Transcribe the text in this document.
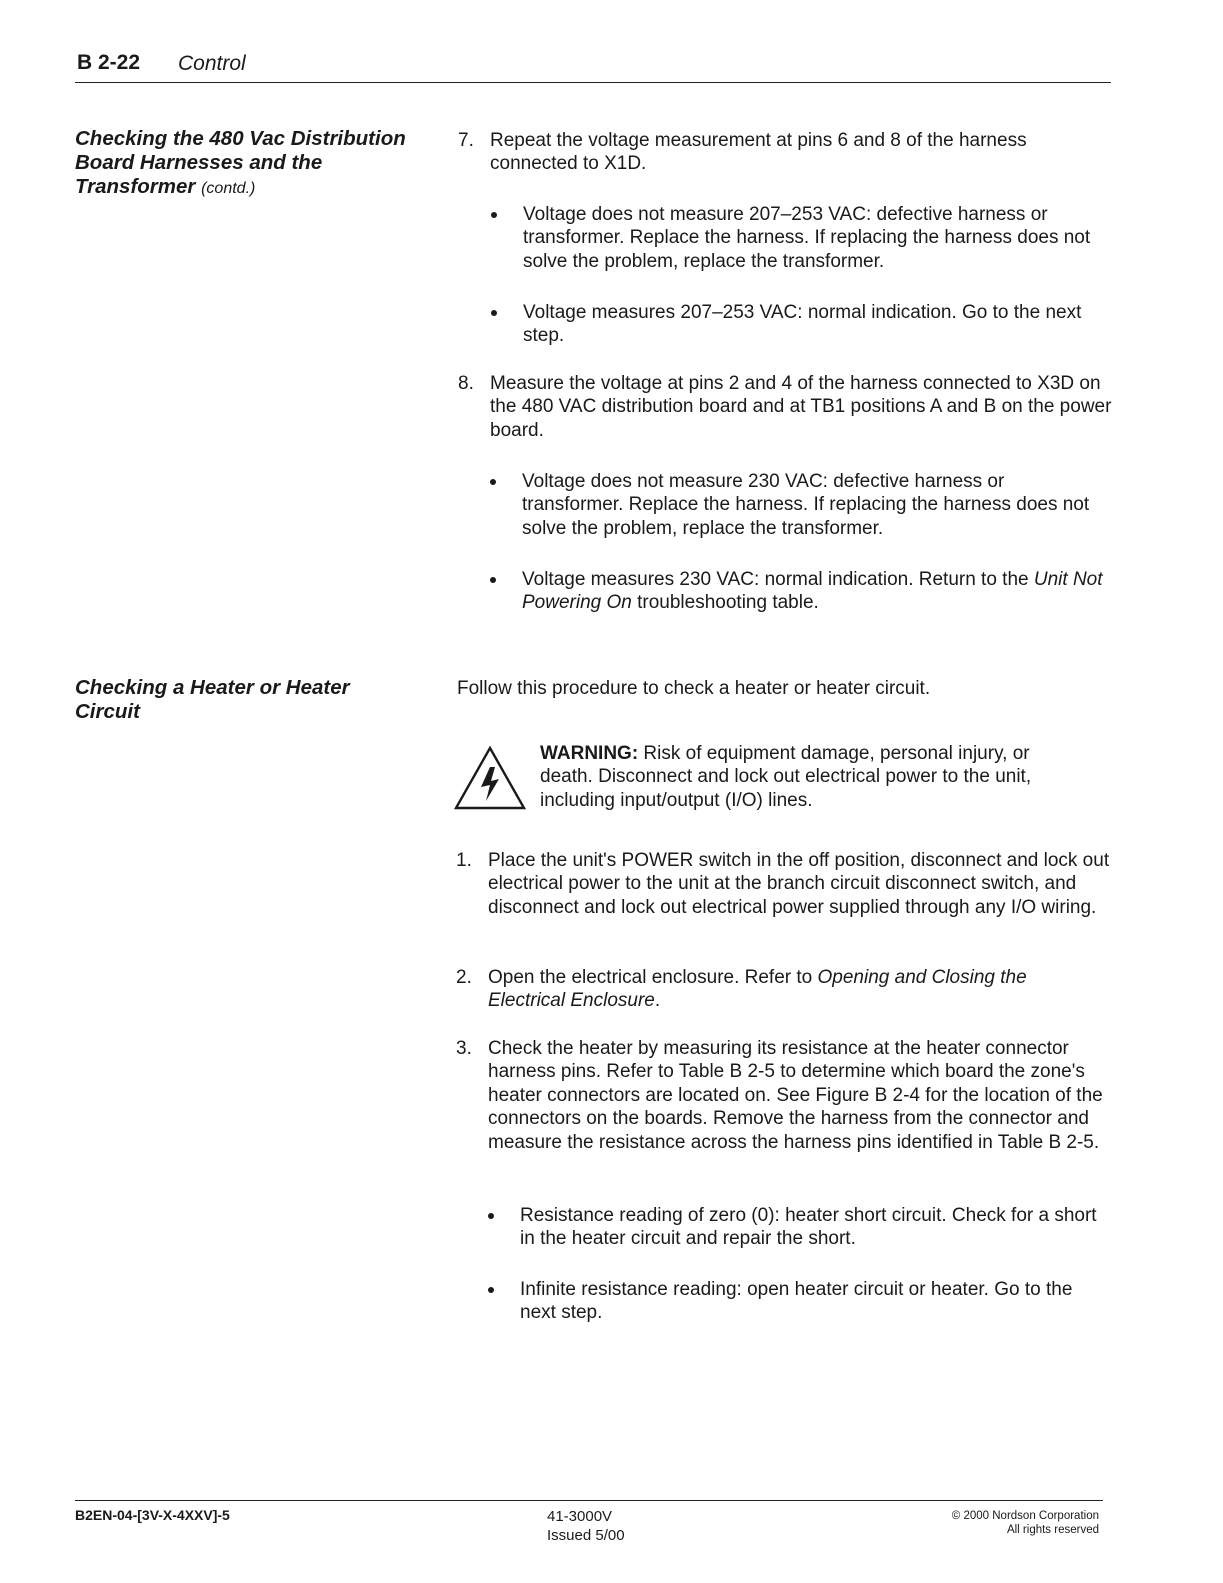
B 2-22 Control
Checking the 480 Vac Distribution Board Harnesses and the Transformer (contd.)
7. Repeat the voltage measurement at pins 6 and 8 of the harness connected to X1D.
Voltage does not measure 207–253 VAC: defective harness or transformer. Replace the harness. If replacing the harness does not solve the problem, replace the transformer.
Voltage measures 207–253 VAC: normal indication. Go to the next step.
8. Measure the voltage at pins 2 and 4 of the harness connected to X3D on the 480 VAC distribution board and at TB1 positions A and B on the power board.
Voltage does not measure 230 VAC: defective harness or transformer. Replace the harness. If replacing the harness does not solve the problem, replace the transformer.
Voltage measures 230 VAC: normal indication. Return to the Unit Not Powering On troubleshooting table.
Checking a Heater or Heater Circuit
Follow this procedure to check a heater or heater circuit.
WARNING: Risk of equipment damage, personal injury, or death. Disconnect and lock out electrical power to the unit, including input/output (I/O) lines.
1. Place the unit's POWER switch in the off position, disconnect and lock out electrical power to the unit at the branch circuit disconnect switch, and disconnect and lock out electrical power supplied through any I/O wiring.
2. Open the electrical enclosure. Refer to Opening and Closing the Electrical Enclosure.
3. Check the heater by measuring its resistance at the heater connector harness pins. Refer to Table B 2-5 to determine which board the zone's heater connectors are located on. See Figure B 2-4 for the location of the connectors on the boards. Remove the harness from the connector and measure the resistance across the harness pins identified in Table B 2-5.
Resistance reading of zero (0): heater short circuit. Check for a short in the heater circuit and repair the short.
Infinite resistance reading: open heater circuit or heater. Go to the next step.
B2EN-04-[3V-X-4XXV]-5	41-3000V
Issued 5/00
© 2000 Nordson Corporation
All rights reserved
